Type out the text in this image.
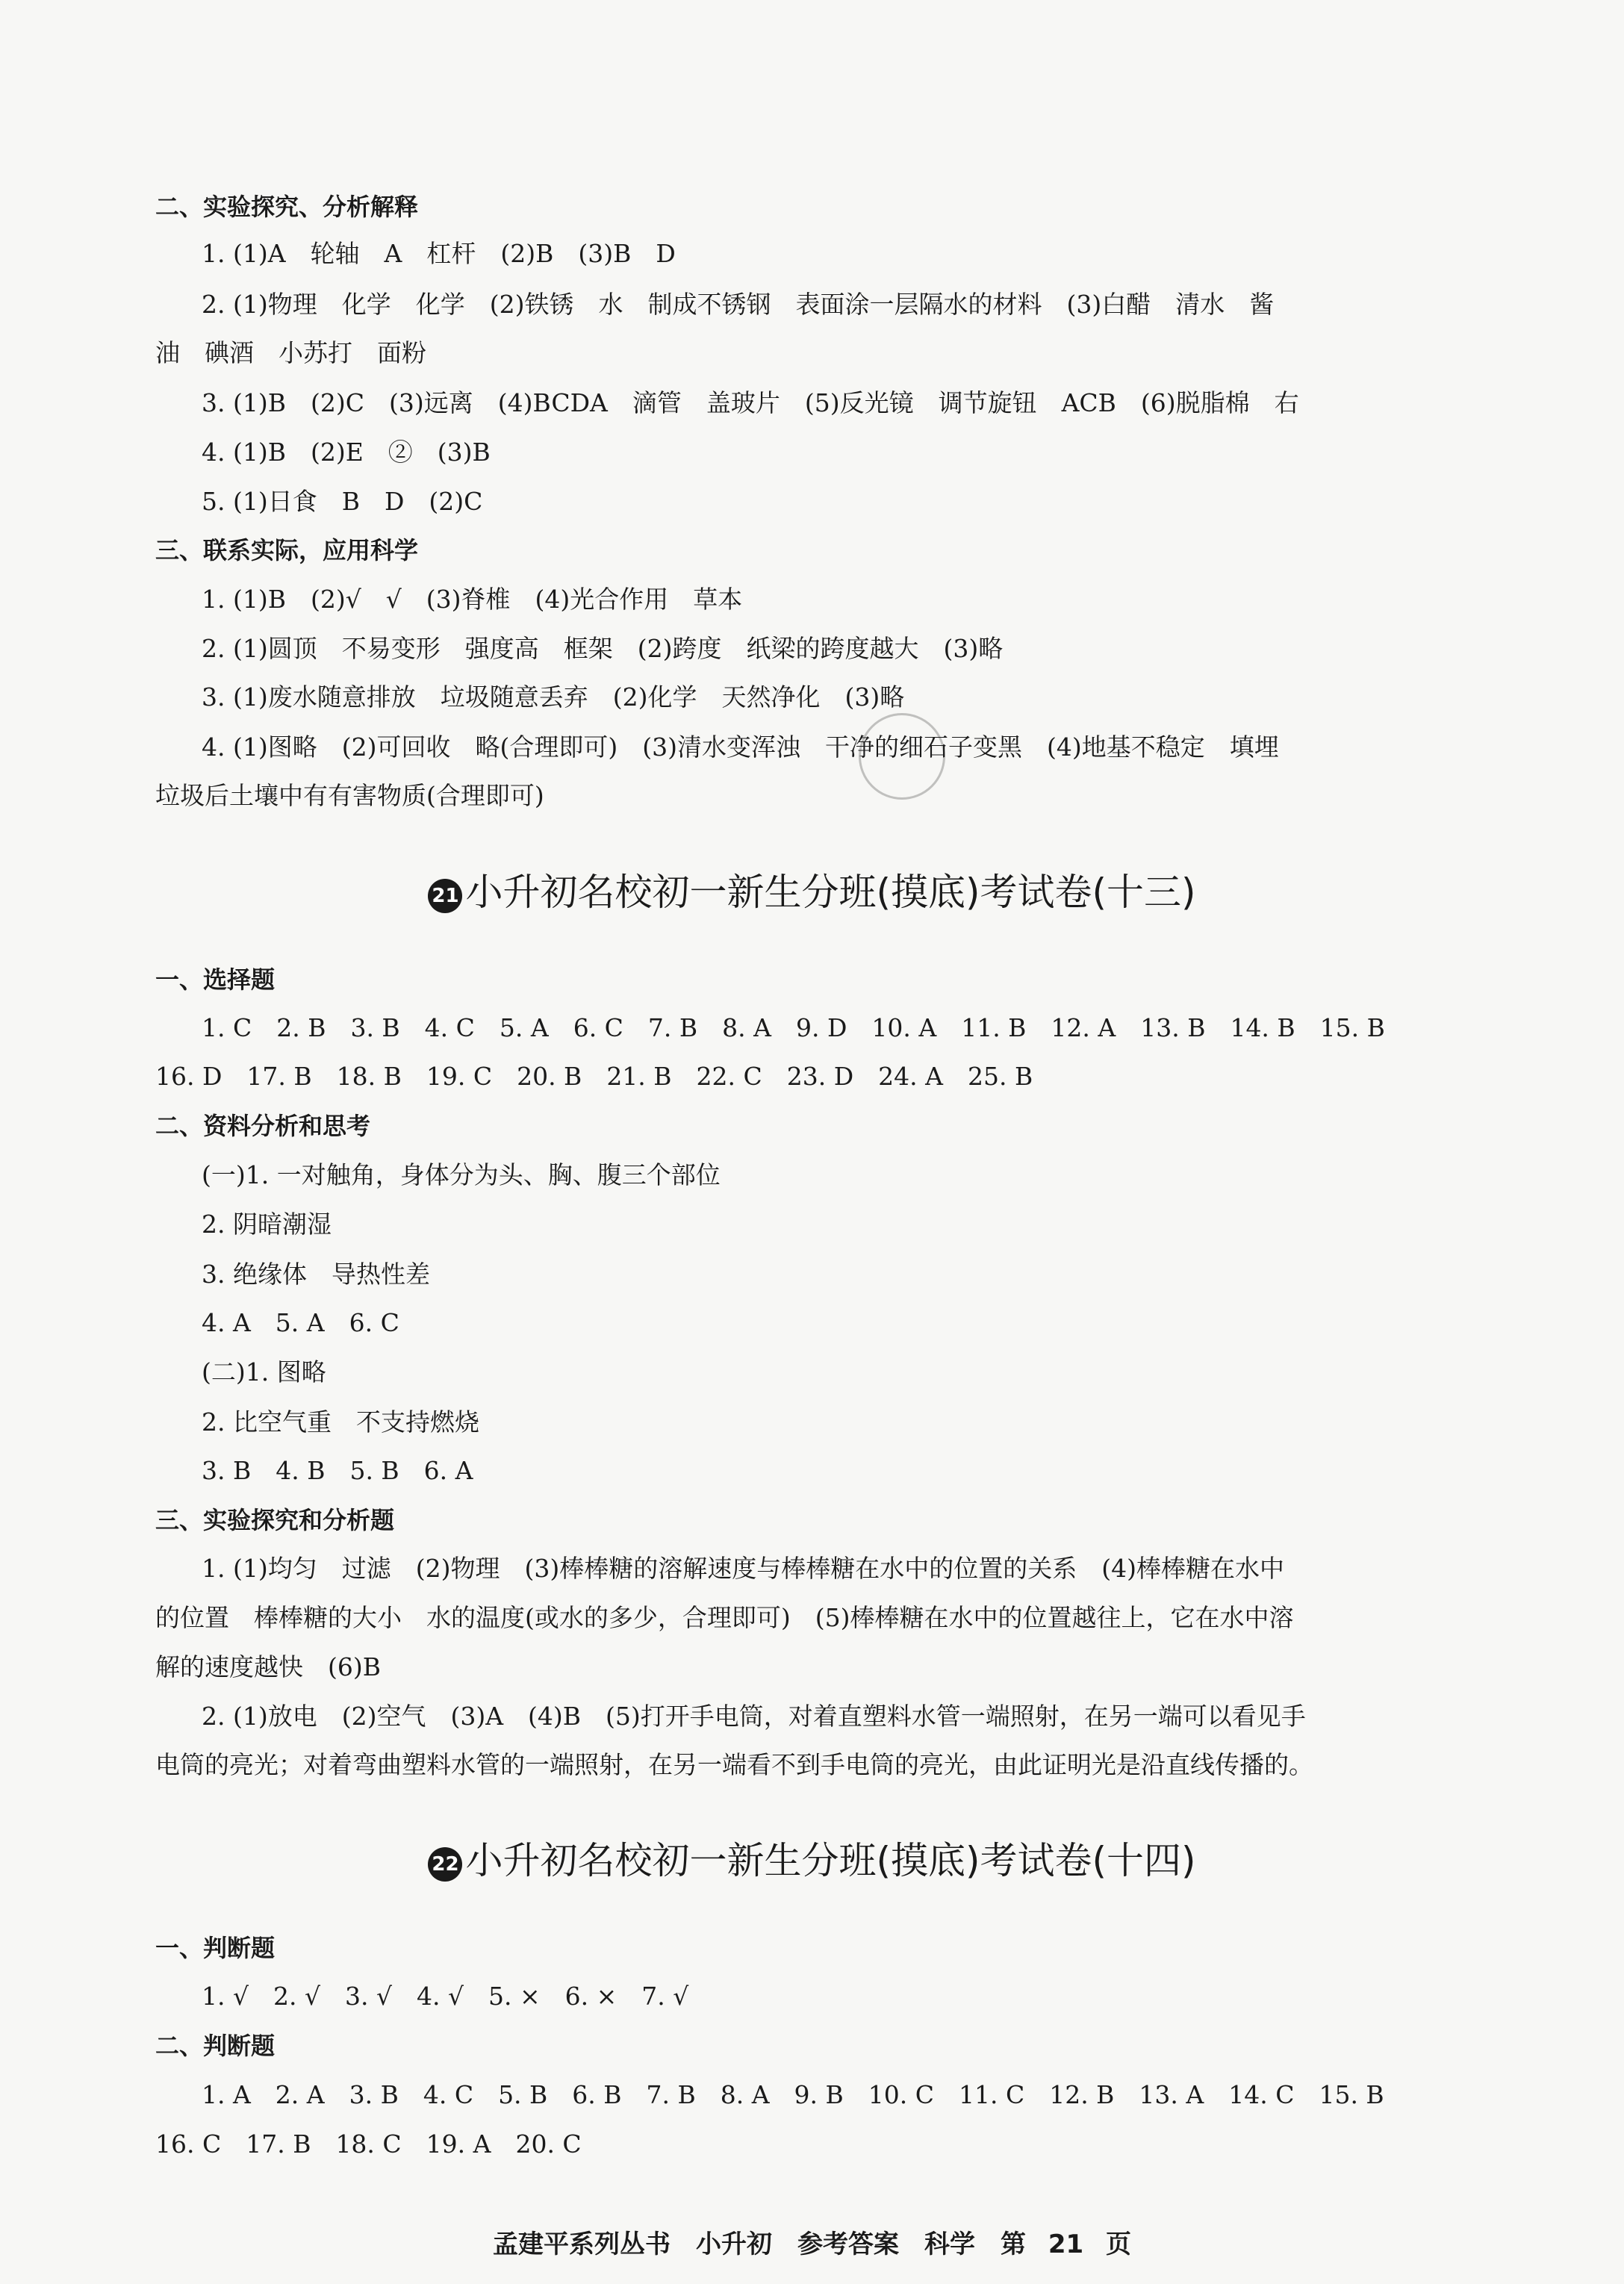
二、实验探究、分析解释
1. (1)A　轮轴　A　杠杆　(2)B　(3)B　D
2. (1)物理　化学　化学　(2)铁锈　水　制成不锈钢　表面涂一层隔水的材料　(3)白醋　清水　酱
油　碘酒　小苏打　面粉
3. (1)B　(2)C　(3)远离　(4)BCDA　滴管　盖玻片　(5)反光镜　调节旋钮　ACB　(6)脱脂棉　右
4. (1)B　(2)E　②　(3)B
5. (1)日食　B　D　(2)C
三、联系实际，应用科学
1. (1)B　(2)√　√　(3)脊椎　(4)光合作用　草本
2. (1)圆顶　不易变形　强度高　框架　(2)跨度　纸梁的跨度越大　(3)略
3. (1)废水随意排放　垃圾随意丢弃　(2)化学　天然净化　(3)略
4. (1)图略　(2)可回收　略(合理即可)　(3)清水变浑浊　干净的细石子变黑　(4)地基不稳定　填埋
垃圾后土壤中有有害物质(合理即可)
21 小升初名校初一新生分班(摸底)考试卷(十三)
一、选择题
1. C　2. B　3. B　4. C　5. A　6. C　7. B　8. A　9. D　10. A　11. B　12. A　13. B　14. B　15. B
16. D　17. B　18. B　19. C　20. B　21. B　22. C　23. D　24. A　25. B
二、资料分析和思考
(一)1. 一对触角，身体分为头、胸、腹三个部位
2. 阴暗潮湿
3. 绝缘体　导热性差
4. A　5. A　6. C
(二)1. 图略
2. 比空气重　不支持燃烧
3. B　4. B　5. B　6. A
三、实验探究和分析题
1. (1)均匀　过滤　(2)物理　(3)棒棒糖的溶解速度与棒棒糖在水中的位置的关系　(4)棒棒糖在水中
的位置　棒棒糖的大小　水的温度(或水的多少，合理即可)　(5)棒棒糖在水中的位置越往上，它在水中溶
解的速度越快　(6)B
2. (1)放电　(2)空气　(3)A　(4)B　(5)打开手电筒，对着直塑料水管一端照射，在另一端可以看见手
电筒的亮光；对着弯曲塑料水管的一端照射，在另一端看不到手电筒的亮光，由此证明光是沿直线传播的。
22 小升初名校初一新生分班(摸底)考试卷(十四)
一、判断题
1. √　2. √　3. √　4. √　5. ×　6. ×　7. √
二、判断题
1. A　2. A　3. B　4. C　5. B　6. B　7. B　8. A　9. B　10. C　11. C　12. B　13. A　14. C　15. B
16. C　17. B　18. C　19. A　20. C
孟建平系列丛书　小升初　参考答案　科学　第 21 页
